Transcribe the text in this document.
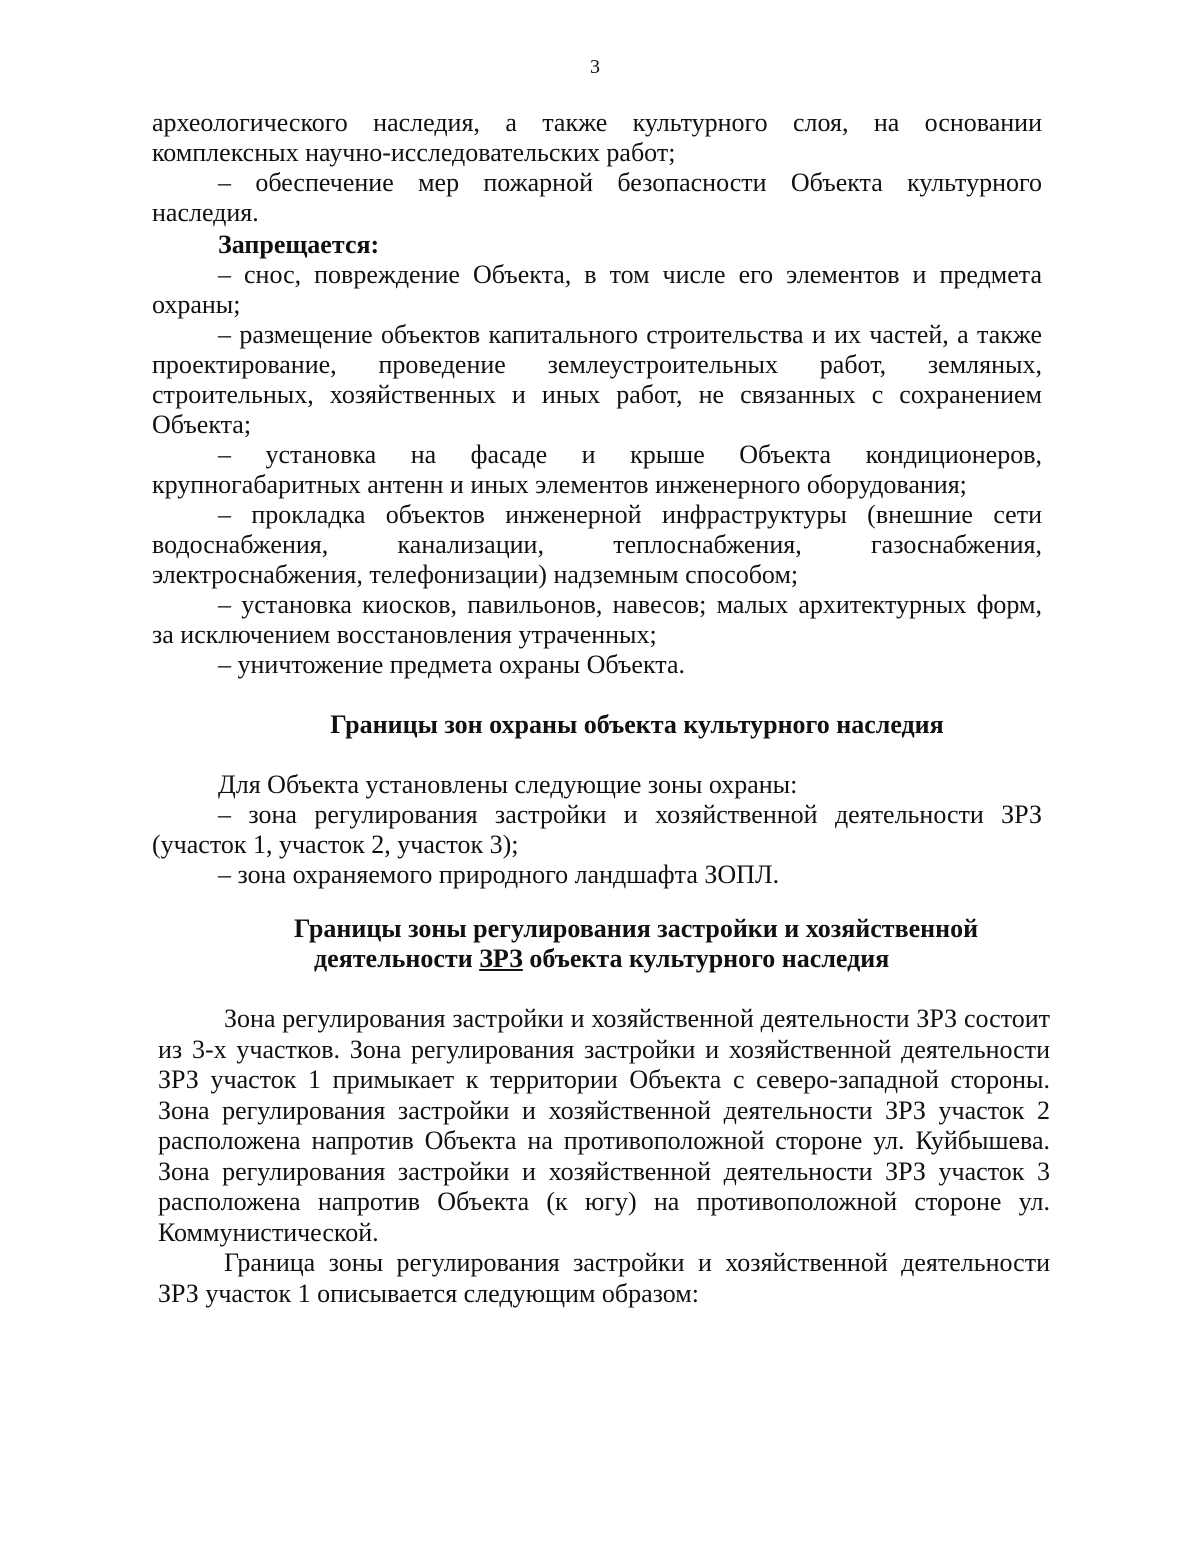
3

археологического наследия, а также культурного слоя, на основании комплексных научно-исследовательских работ;

– обеспечение мер пожарной безопасности Объекта культурного наследия.

Запрещается:

– снос, повреждение Объекта, в том числе его элементов и предмета охраны;

– размещение объектов капитального строительства и их частей, а также проектирование, проведение землеустроительных работ, земляных, строительных, хозяйственных и иных работ, не связанных с сохранением Объекта;

– установка на фасаде и крыше Объекта кондиционеров, крупногабаритных антенн и иных элементов инженерного оборудования;

– прокладка объектов инженерной инфраструктуры (внешние сети водоснабжения, канализации, теплоснабжения, газоснабжения, электроснабжения, телефонизации) надземным способом;

– установка киосков, павильонов, навесов; малых архитектурных форм, за исключением восстановления утраченных;

– уничтожение предмета охраны Объекта.

Границы зон охраны объекта культурного наследия

Для Объекта установлены следующие зоны охраны:

– зона регулирования застройки и хозяйственной деятельности ЗРЗ (участок 1, участок 2, участок 3);

– зона охраняемого природного ландшафта ЗОПЛ.

Границы зоны регулирования застройки и хозяйственной

деятельности ЗРЗ объекта культурного наследия

Зона регулирования застройки и хозяйственной деятельности ЗРЗ состоит из 3-х участков. Зона регулирования застройки и хозяйственной деятельности ЗРЗ участок 1 примыкает к территории Объекта с северо-западной стороны. Зона регулирования застройки и хозяйственной деятельности ЗРЗ участок 2 расположена напротив Объекта на противоположной стороне ул. Куйбышева. Зона регулирования застройки и хозяйственной деятельности ЗРЗ участок 3 расположена напротив Объекта (к югу) на противоположной стороне ул. Коммунистической.

Граница зоны регулирования застройки и хозяйственной деятельности ЗРЗ участок 1 описывается следующим образом:
